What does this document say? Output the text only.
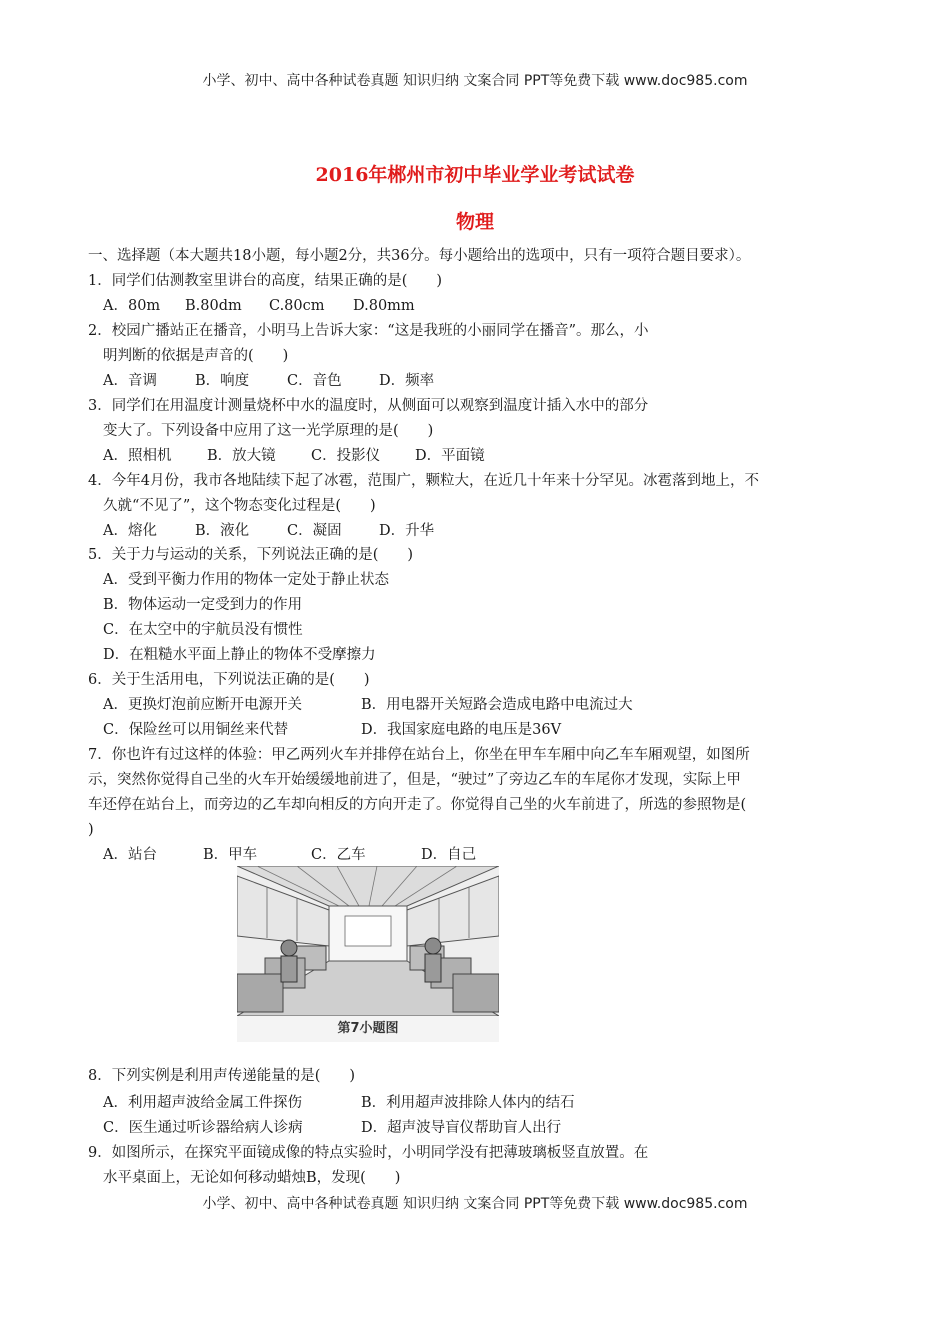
小学、初中、高中各种试卷真题 知识归纳 文案合同 PPT等免费下载 www.doc985.com
2016年郴州市初中毕业学业考试试卷
物理
一、选择题（本大题共18小题，每小题2分，共36分。每小题给出的选项中，只有一项符合题目要求）。
1．同学们估测教室里讲台的高度，结果正确的是(　　)
A．80m B.80dm C.80cm D.80mm
2．校园广播站正在播音，小明马上告诉大家：“这是我班的小丽同学在播音”。那么，小
明判断的依据是声音的(　　)
A．音调	B．响度	C．音色	D．频率
3．同学们在用温度计测量烧杯中水的温度时，从侧面可以观察到温度计插入水中的部分
变大了。下列设备中应用了这一光学原理的是(　　)
A．照相机 B．放大镜 C．投影仪 D．平面镜
4．今年4月份，我市各地陆续下起了冰雹，范围广，颗粒大，在近几十年来十分罕见。冰雹落到地上，不
久就“不见了”，这个物态变化过程是(　　)
A．熔化	B．液化	C．凝固	D．升华
5．关于力与运动的关系，下列说法正确的是(　　)
A．受到平衡力作用的物体一定处于静止状态
B．物体运动一定受到力的作用
C．在太空中的宇航员没有惯性
D．在粗糙水平面上静止的物体不受摩擦力
6．关于生活用电，下列说法正确的是(　　)
A．更换灯泡前应断开电源开关	B．用电器开关短路会造成电路中电流过大
C．保险丝可以用铜丝来代替	D．我国家庭电路的电压是36V
7．你也许有过这样的体验：甲乙两列火车并排停在站台上，你坐在甲车车厢中向乙车车厢观望，如图所
示，突然你觉得自己坐的火车开始缓缓地前进了，但是，“驶过”了旁边乙车的车尾你才发现，实际上甲
车还停在站台上，而旁边的乙车却向相反的方向开走了。你觉得自己坐的火车前进了，所选的参照物是(
)
A．站台	B．甲车	C．乙车	D．自己
第7小题图
8．下列实例是利用声传递能量的是(　　)
A．利用超声波给金属工件探伤	B．利用超声波排除人体内的结石
C．医生通过听诊器给病人诊病	D．超声波导盲仪帮助盲人出行
9．如图所示，在探究平面镜成像的特点实验时，小明同学没有把薄玻璃板竖直放置。在
水平桌面上，无论如何移动蜡烛B，发现(　　)
小学、初中、高中各种试卷真题 知识归纳 文案合同 PPT等免费下载 www.doc985.com
